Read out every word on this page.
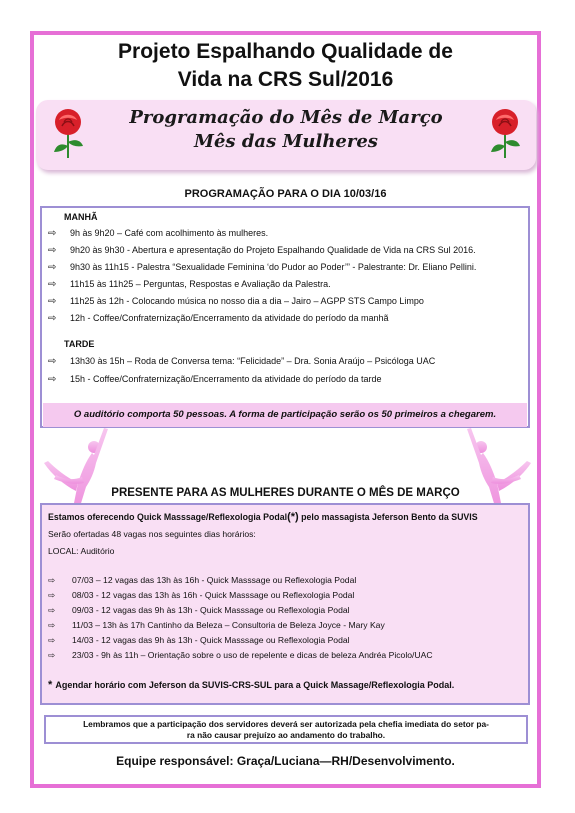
Projeto Espalhando Qualidade de
Vida na CRS Sul/2016
Programação do Mês de Março
Mês das Mulheres
PROGRAMAÇÃO PARA O DIA 10/03/16
MANHÃ
⇨ 9h às 9h20 – Café com acolhimento às mulheres.
⇨ 9h20 às 9h30 - Abertura e apresentação do Projeto Espalhando Qualidade de Vida na CRS Sul 2016.
⇨ 9h30 às 11h15 - Palestra “Sexualidade Feminina ‘do Pudor ao Poder’” - Palestrante: Dr. Eliano Pellini.
⇨ 11h15 às 11h25 – Perguntas, Respostas e Avaliação da Palestra.
⇨ 11h25 às 12h - Colocando música no nosso dia a dia – Jairo – AGPP STS Campo Limpo
⇨ 12h - Coffee/Confraternização/Encerramento da atividade do período da manhã
TARDE
⇨ 13h30 às 15h – Roda de Conversa tema: “Felicidade” – Dra. Sonia Araújo – Psicóloga UAC
⇨ 15h - Coffee/Confraternização/Encerramento da atividade do período da tarde
O auditório comporta 50 pessoas. A forma de participação serão os 50 primeiros a chegarem.
PRESENTE PARA AS MULHERES DURANTE O MÊS DE MARÇO
Estamos oferecendo Quick Masssage/Reflexologia Podal(*) pelo massagista Jeferson Bento da SUVIS
Serão ofertadas 48 vagas nos seguintes dias horários:
LOCAL: Auditório
⇨ 07/03 – 12 vagas das 13h às 16h - Quick Masssage ou Reflexologia Podal
⇨ 08/03 - 12 vagas das 13h às 16h - Quick Masssage ou Reflexologia Podal
⇨ 09/03 - 12 vagas das 9h às 13h - Quick Masssage ou Reflexologia Podal
⇨ 11/03 – 13h às 17h Cantinho da Beleza – Consultoria de Beleza Joyce - Mary Kay
⇨ 14/03 - 12 vagas das 9h às 13h - Quick Masssage ou Reflexologia Podal
⇨ 23/03 - 9h às 11h – Orientação sobre o uso de repelente e dicas de beleza Andréa Picolo/UAC
* Agendar horário com Jeferson da SUVIS-CRS-SUL para a Quick Massage/Reflexologia Podal.
Lembramos que a participação dos servidores deverá ser autorizada pela chefia imediata do setor pa-
ra não causar prejuízo ao andamento do trabalho.
Equipe responsável: Graça/Luciana—RH/Desenvolvimento.
